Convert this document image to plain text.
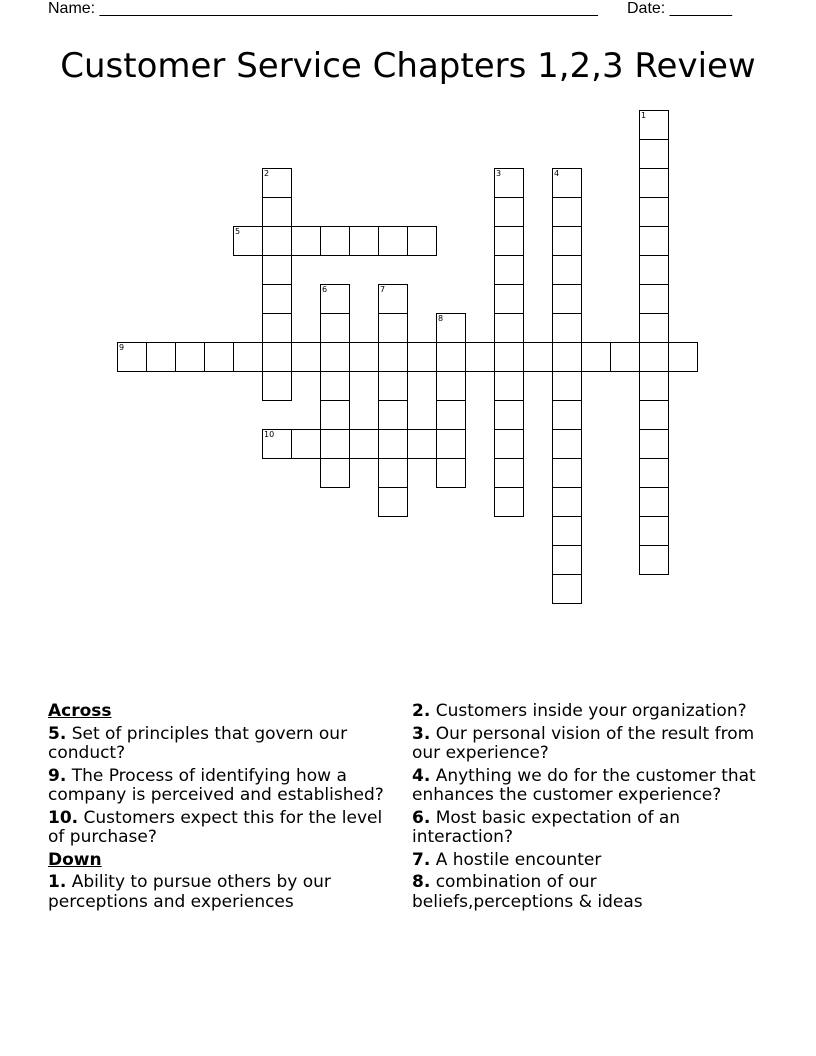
Name: ________________________________________________________ Date: _______
Customer Service Chapters 1,2,3 Review
1
2	3	4
5
6	7
8
9
10
Across
5. Set of principles that govern our conduct?
9. The Process of identifying how a company is perceived and established?
10. Customers expect this for the level of purchase?
Down
1. Ability to pursue others by our perceptions and experiences
2. Customers inside your organization?
3. Our personal vision of the result from our experience?
4. Anything we do for the customer that enhances the customer experience?
6. Most basic expectation of an interaction?
7. A hostile encounter
8. combination of our beliefs,perceptions & ideas
